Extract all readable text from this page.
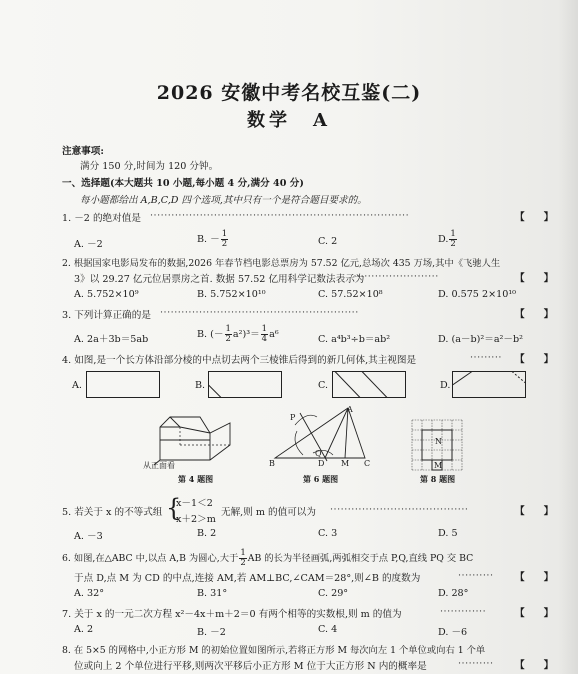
2026 安徽中考名校互鉴(二)
数学　A
注意事项:
满分 150 分,时间为 120 分钟。
一、选择题(本大题共 10 小题,每小题 4 分,满分 40 分)
每小题都给出 A,B,C,D 四个选项,其中只有一个是符合题目要求的。
1. －2 的绝对值是 ·········································································	【　　】
A. －2	B. － $\frac{1}{2}$	C. 2	D. $\frac{1}{2}$
2. 根据国家电影局发布的数据,2026 年春节档电影总票房为 57.52 亿元,总场次 435 万场,其中《飞驰人生
3》以 29.27 亿元位居票房之首. 数据 57.52 亿用科学记数法表示为
·························	【　　】
A. 5.752×10⁹	B. 5.752×10¹⁰	C. 57.52×10⁸	D. 0.575 2×10¹⁰
3. 下列计算正确的是 ························································	【　　】
A. 2a＋3b＝5ab	B. (－ $\frac{1}{2} a^2)^3= \frac{1}{4} a^6$	C. a⁴b³÷b＝ab²	D. (a－b)²＝a²－b²
4. 如图,是一个长方体沿部分棱的中点切去两个三棱锥后得到的新几何体,其主视图是	········· 【　　】
A.	B.	C.	D.
从正面看
第 4 题图
P
A
B	D
Q
M C
第 6 题图
N
M
第 8 题图
5. 若关于 x 的不等式组 {
x－1＜2
x＋2＞m
无解,则 m 的值可以为 ·······································	【　　】
A. －3	B. 2	C. 3	D. 5
6. 如图,在△ABC 中,以点 A,B 为圆心,大于 $\frac{1}{2}$ AB 的长为半径画弧,两弧相交于点 P,Q,直线 PQ 交 BC
于点 D,点 M 为 CD 的中点,连接 AM,若 AM⊥BC,∠CAM＝28°,则∠B 的度数为	·········· 【　　】
A. 32°	B. 31°	C. 29°	D. 28°
7. 关于 x 的一元二次方程 x²－4x＋m＋2＝0 有两个相等的实数根,则 m 的值为	·············	【　　】
A. 2	B. －2	C. 4	D. －6
8. 在 5×5 的网格中,小正方形 M 的初始位置如图所示,若将正方形 M 每次向左 1 个单位或向右 1 个单
位或向上 2 个单位进行平移,则两次平移后小正方形 M 位于大正方形 N 内的概率是	·········· 【　　】
